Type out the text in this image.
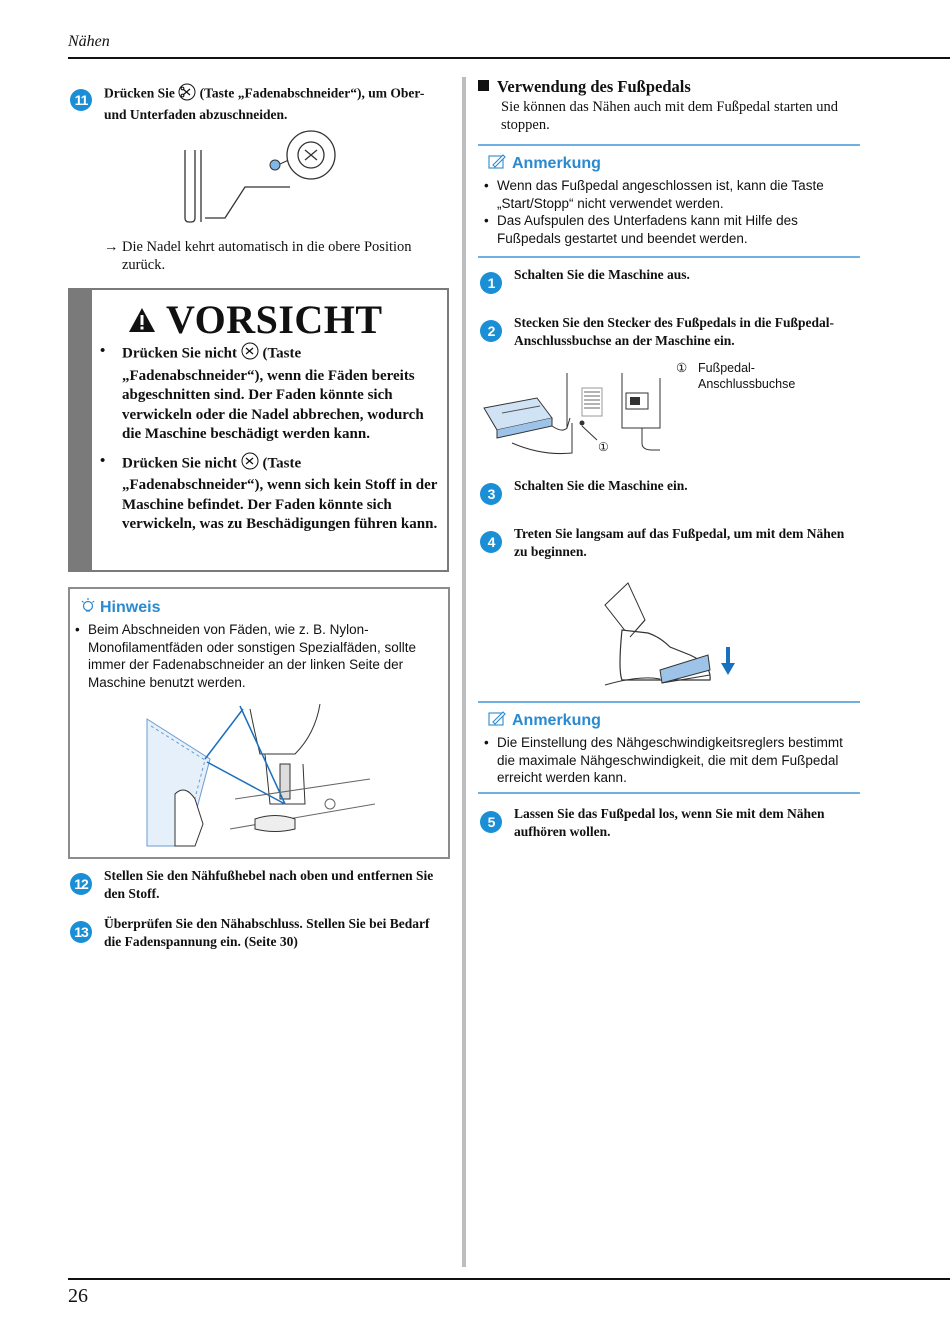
Nähen
26
11	Drücken Sie (Taste „Fadenabschneider“), um Ober- und Unterfaden abzuschneiden.
→ Die Nadel kehrt automatisch in die obere Position zurück.
VORSICHT
• Drücken Sie nicht (Taste „Fadenabschneider“), wenn die Fäden bereits abgeschnitten sind. Der Faden könnte sich verwickeln oder die Nadel abbrechen, wodurch die Maschine beschädigt werden kann.
• Drücken Sie nicht (Taste „Fadenabschneider“), wenn sich kein Stoff in der Maschine befindet. Der Faden könnte sich verwickeln, was zu Beschädigungen führen kann.
Hinweis
• Beim Abschneiden von Fäden, wie z. B. Nylon-Monofilamentfäden oder sonstigen Spezialfäden, sollte immer der Fadenabschneider an der linken Seite der Maschine benutzt werden.
12
Stellen Sie den Nähfußhebel nach oben und entfernen Sie den Stoff.
13
Überprüfen Sie den Nähabschluss. Stellen Sie bei Bedarf die Fadenspannung ein. (Seite 30)
Verwendung des Fußpedals
Sie können das Nähen auch mit dem Fußpedal starten und stoppen.
Anmerkung
• Wenn das Fußpedal angeschlossen ist, kann die Taste „Start/Stopp“ nicht verwendet werden.
• Das Aufspulen des Unterfadens kann mit Hilfe des Fußpedals gestartet und beendet werden.
1
Schalten Sie die Maschine aus.
2
Stecken Sie den Stecker des Fußpedals in die Fußpedal-Anschlussbuchse an der Maschine ein.
①
① Fußpedal-
Anschlussbuchse
3
Schalten Sie die Maschine ein.
4
Treten Sie langsam auf das Fußpedal, um mit dem Nähen zu beginnen.
Anmerkung
• Die Einstellung des Nähgeschwindigkeitsreglers bestimmt die maximale Nähgeschwindigkeit, die mit dem Fußpedal erreicht werden kann.
5
Lassen Sie das Fußpedal los, wenn Sie mit dem Nähen aufhören wollen.
